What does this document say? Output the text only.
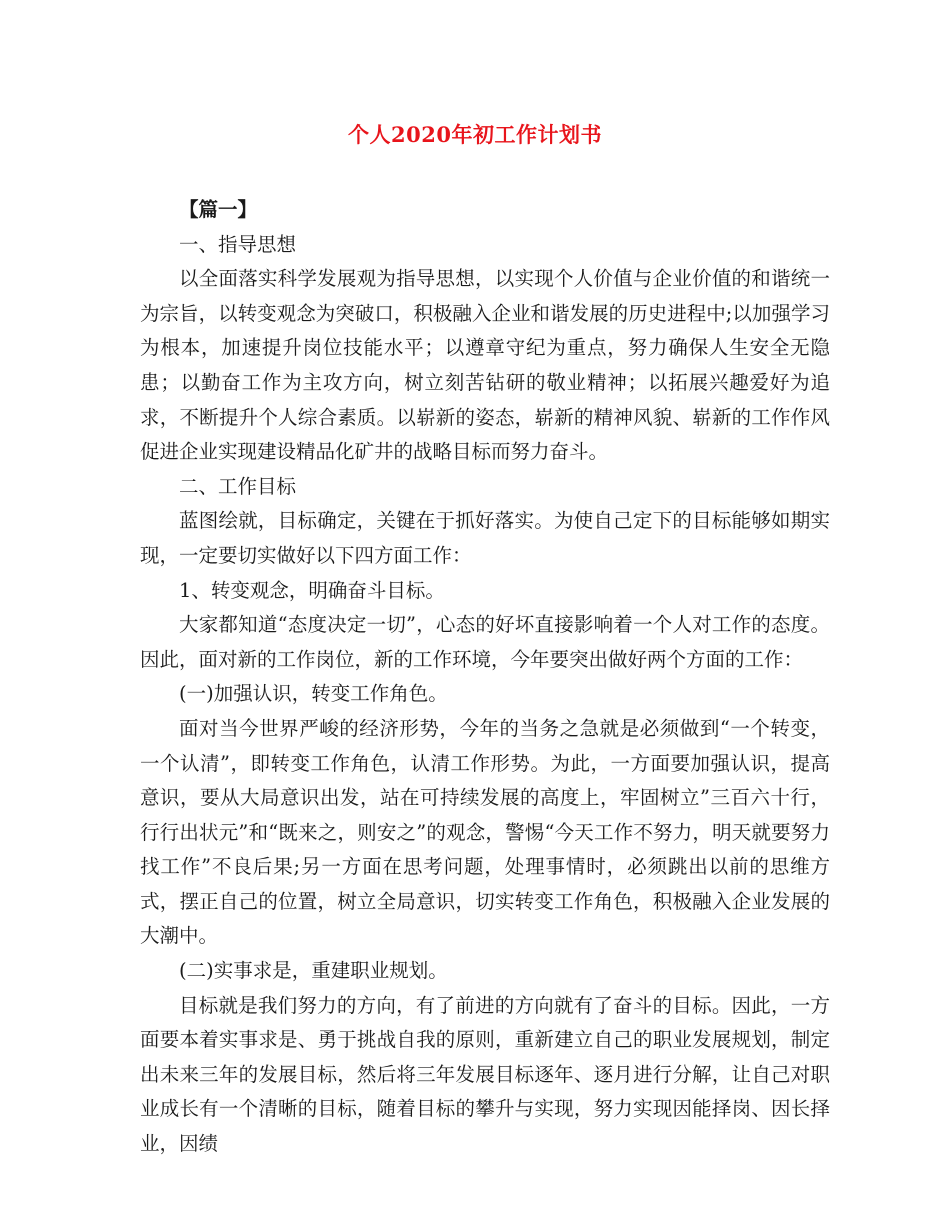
个人2020年初工作计划书

【篇一】

一、指导思想

以全面落实科学发展观为指导思想，以实现个人价值与企业价值的和谐统一为宗旨，以转变观念为突破口，积极融入企业和谐发展的历史进程中;以加强学习为根本，加速提升岗位技能水平；以遵章守纪为重点，努力确保人生安全无隐患；以勤奋工作为主攻方向，树立刻苦钻研的敬业精神；以拓展兴趣爱好为追求，不断提升个人综合素质。以崭新的姿态，崭新的精神风貌、崭新的工作作风促进企业实现建设精品化矿井的战略目标而努力奋斗。

二、工作目标

蓝图绘就，目标确定，关键在于抓好落实。为使自己定下的目标能够如期实现，一定要切实做好以下四方面工作：

1、转变观念，明确奋斗目标。

大家都知道“态度决定一切”，心态的好坏直接影响着一个人对工作的态度。因此，面对新的工作岗位，新的工作环境，今年要突出做好两个方面的工作：

(一)加强认识，转变工作角色。

面对当今世界严峻的经济形势，今年的当务之急就是必须做到“一个转变，一个认清”，即转变工作角色，认清工作形势。为此，一方面要加强认识，提高意识，要从大局意识出发，站在可持续发展的高度上，牢固树立”三百六十行，行行出状元”和“既来之，则安之”的观念，警惕“今天工作不努力，明天就要努力找工作”不良后果;另一方面在思考问题，处理事情时，必须跳出以前的思维方式，摆正自己的位置，树立全局意识，切实转变工作角色，积极融入企业发展的大潮中。

(二)实事求是，重建职业规划。

目标就是我们努力的方向，有了前进的方向就有了奋斗的目标。因此，一方面要本着实事求是、勇于挑战自我的原则，重新建立自己的职业发展规划，制定出未来三年的发展目标，然后将三年发展目标逐年、逐月进行分解，让自己对职业成长有一个清晰的目标，随着目标的攀升与实现，努力实现因能择岗、因长择业，因绩
